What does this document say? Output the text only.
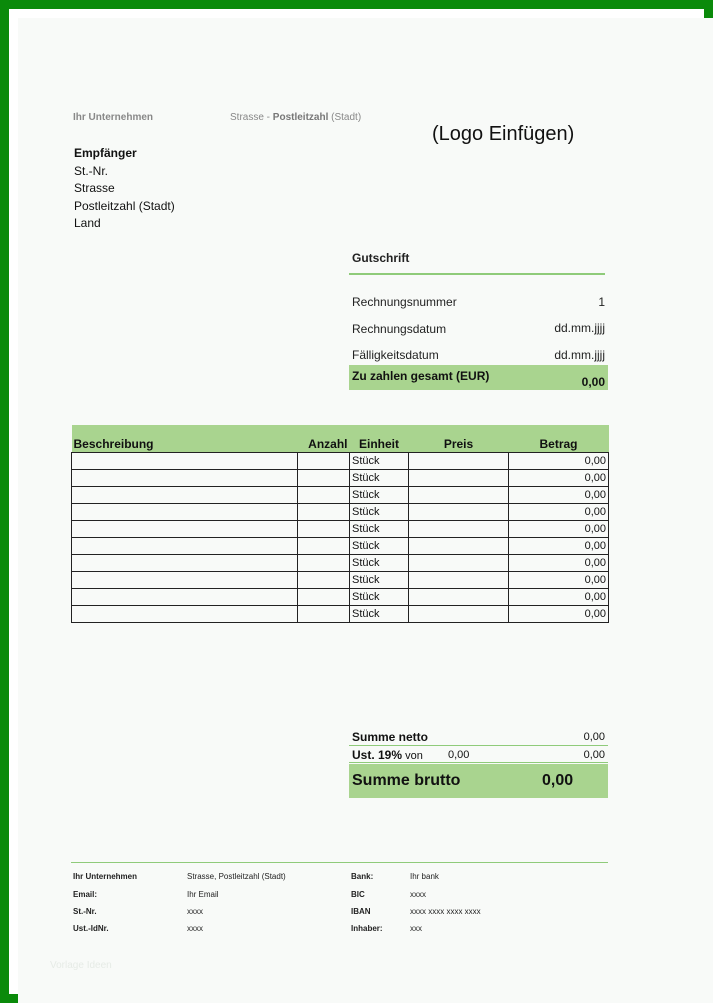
Ihr Unternehmen	Strasse - Postleitzahl (Stadt)
(Logo Einfügen)
Empfänger
St.-Nr.
Strasse
Postleitzahl (Stadt)
Land
Gutschrift
Rechnungsnummer	1
Rechnungsdatum	dd.mm.jjjj
Fälligkeitsdatum	dd.mm.jjjj
Zu zahlen gesamt (EUR)	0,00
Beschreibung	Anzahl	Einheit	Preis	Betrag
		Stück		0,00
		Stück		0,00
		Stück		0,00
		Stück		0,00
		Stück		0,00
		Stück		0,00
		Stück		0,00
		Stück		0,00
		Stück		0,00
		Stück		0,00
Summe netto	0,00
Ust. 19% von 0,00	0,00
Summe brutto	0,00
Ihr Unternehmen	Strasse, Postleitzahl (Stadt)	Bank:	Ihr bank
Email:	Ihr Email	BIC	xxxx
St.-Nr.	xxxx	IBAN	xxxx xxxx xxxx xxxx
Ust.-IdNr.	xxxx	Inhaber:	xxx
Vorlage Ideen
